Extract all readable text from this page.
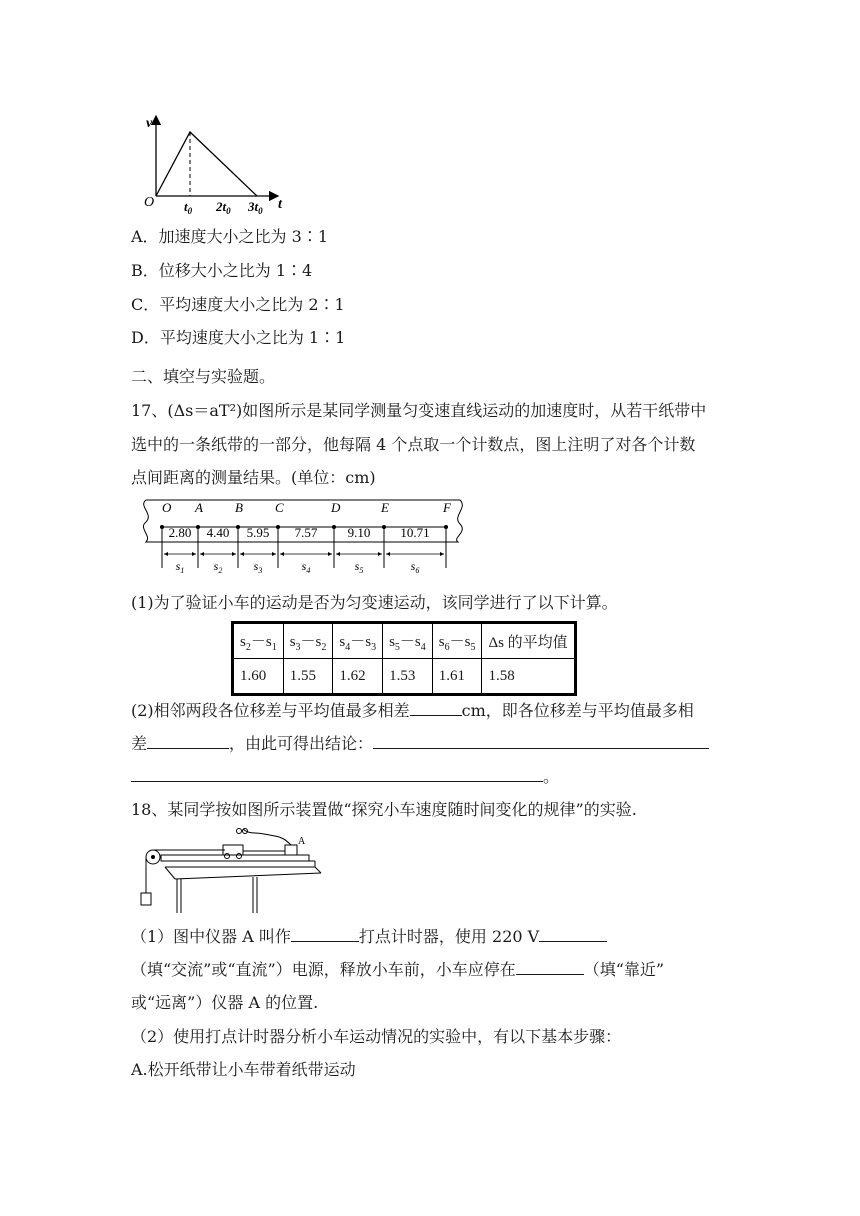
v
t
O $t_0$ $2t_0$ $3t_0$
A．加速度大小之比为 3∶1
B．位移大小之比为 1∶4
C．平均速度大小之比为 2∶1
D．平均速度大小之比为 1∶1
二、填空与实验题。
17、(Δs＝aT²)如图所示是某同学测量匀变速直线运动的加速度时，从若干纸带中
选中的一条纸带的一部分，他每隔 4 个点取一个计数点，图上注明了对各个计数
点间距离的测量结果。(单位：cm)
O A B C	D	E	F
2.80 4.40 5.95 7.57 9.10 10.71
$s_1$ $s_2$	$s_3$	$s_4$	$s_5$	$s_6$
(1)为了验证小车的运动是否为匀变速运动，该同学进行了以下计算。
$s_2-s_1$	$s_3-s_2$	$s_4-s_3$	$s_5-s_4$	$s_6-s_5$	Δs 的平均值
1.60	1.55	1.62	1.53	1.61	1.58
(2)相邻两段各位移差与平均值最多相差	cm，即各位移差与平均值最多相
差	，由此可得出结论：
。
18、某同学按如图所示装置做“探究小车速度随时间变化的规律”的实验.
A
（1）图中仪器 A 叫作	打点计时器，使用 220 V
（填“交流”或“直流”）电源，释放小车前，小车应停在	（填“靠近”
或“远离”）仪器 A 的位置.
（2）使用打点计时器分析小车运动情况的实验中，有以下基本步骤：
A.松开纸带让小车带着纸带运动
